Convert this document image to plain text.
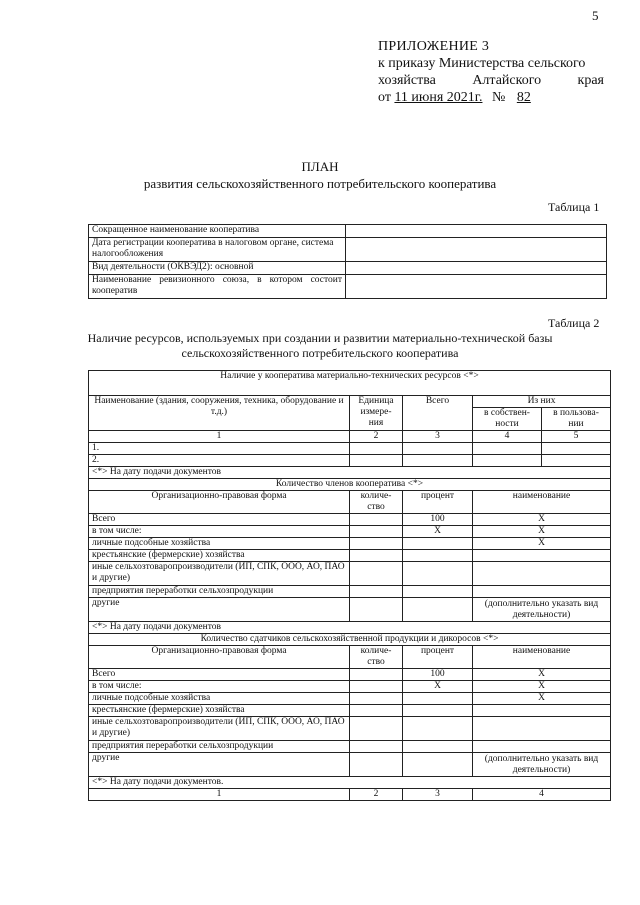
5
ПРИЛОЖЕНИЕ 3
к приказу Министерства сельского
хозяйства	Алтайского	края
от 11 июня 2021г. № 82
ПЛАН
развития сельскохозяйственного потребительского кооператива
Таблица 1
Сокращенное наименование кооператива	
Дата регистрации кооператива в налоговом органе, система налогообложения	
Вид деятельности (ОКВЭД2): основной	
Наименование ревизионного союза, в котором состоит кооператив	
Таблица 2
Наличие ресурсов, используемых при создании и развитии материально-технической базы
сельскохозяйственного потребительского кооператива
Наличие у кооператива материально-технических ресурсов <*>				
Наименование (здания, сооружения, техника, оборудование и т.д.)	Единица измере- ния	Всего	Из них	
			в собствен- ности	в пользова- нии
1	2	3	4	5
1.				
2.				
<*> На дату подачи документов				
Количество членов кооператива <*>				
Организационно-правовая форма	количе- ство	процент	наименование	
Всего		100	X	
в том числе:		X	X	
личные подсобные хозяйства			X	
крестьянские (фермерские) хозяйства				
иные сельхозтоваропроизводители (ИП, СПК, ООО, АО, ПАО и другие)				
предприятия переработки сельхозпродукции				
другие			(дополнительно указать вид деятельности)	
<*> На дату подачи документов				
Количество сдатчиков сельскохозяйственной продукции и дикоросов <*>				
Организационно-правовая форма	количе- ство	процент	наименование	
Всего		100	X	
в том числе:		X	X	
личные подсобные хозяйства			X	
крестьянские (фермерские) хозяйства				
иные сельхозтоваропроизводители (ИП, СПК, ООО, АО, ПАО и другие)				
предприятия переработки сельхозпродукции				
другие			(дополнительно указать вид деятельности)	
<*> На дату подачи документов.				
1	2	3	4	
